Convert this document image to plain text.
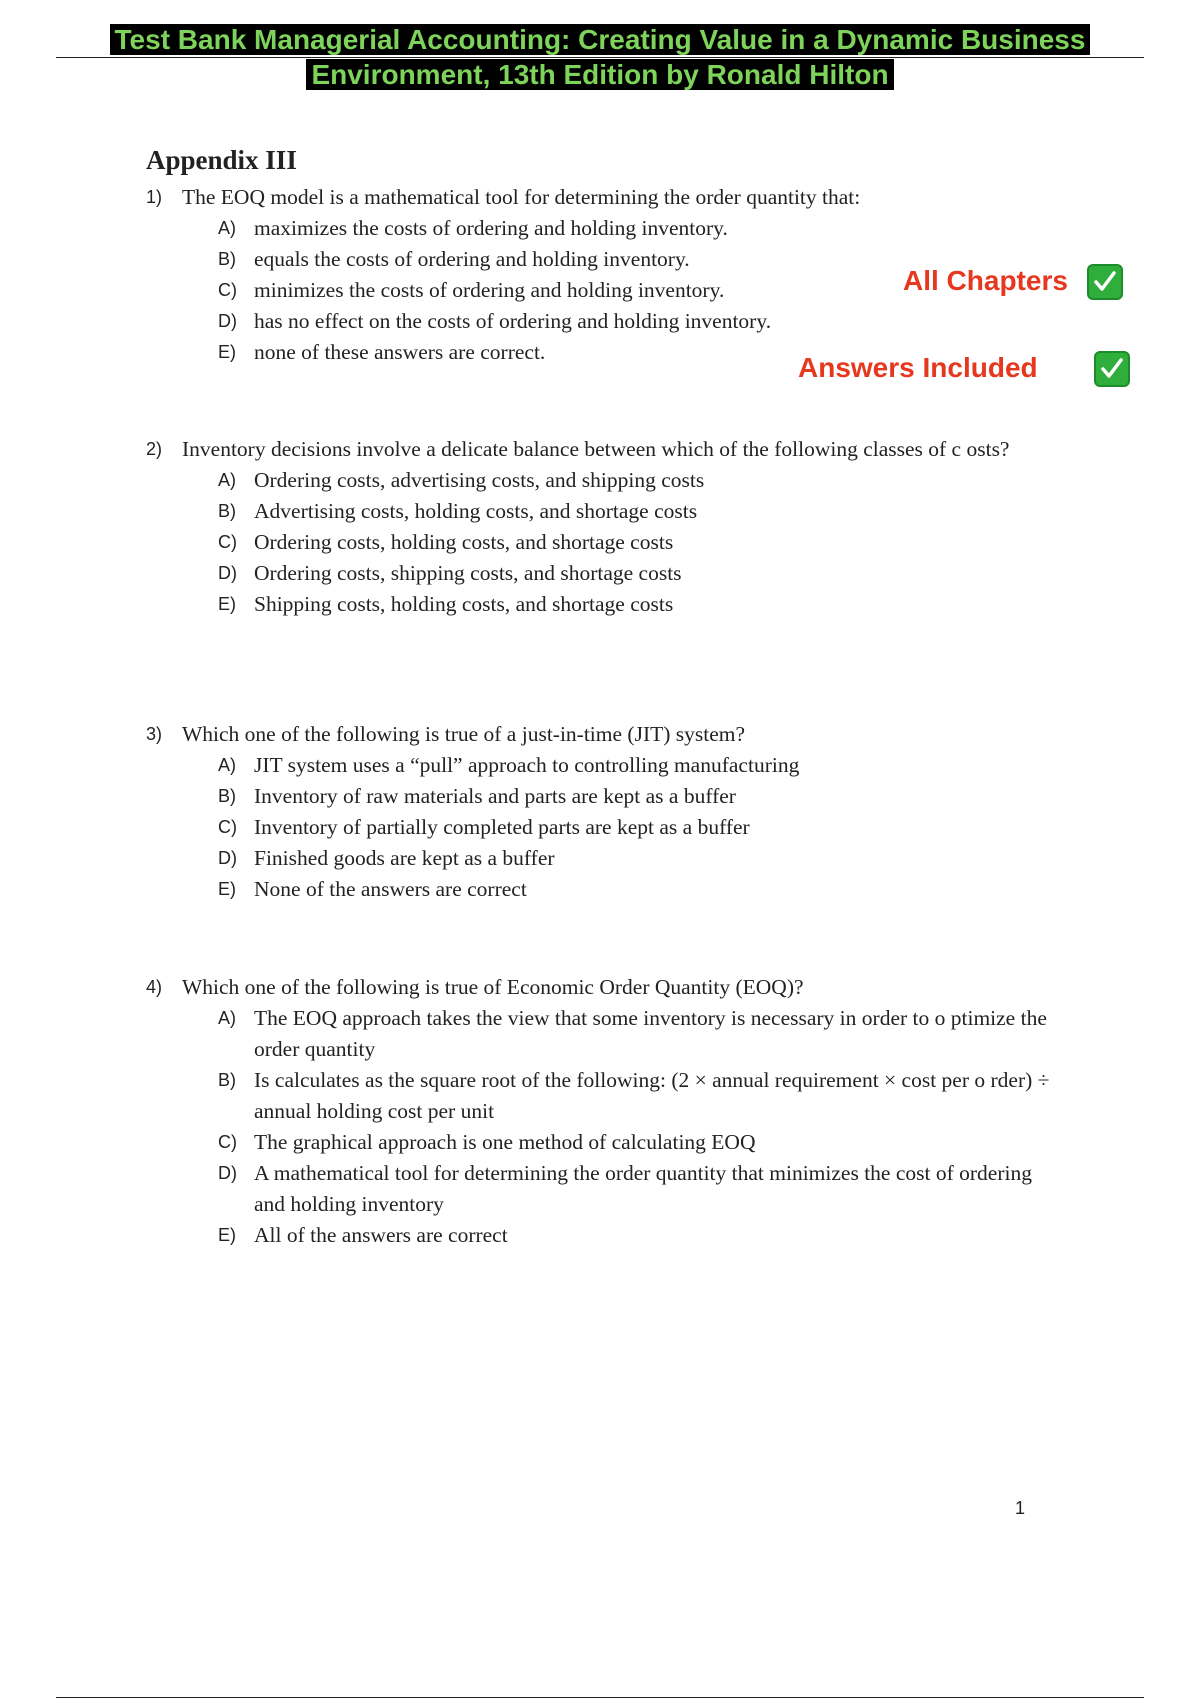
Test Bank Managerial Accounting: Creating Value in a Dynamic Business
Environment, 13th Edition by Ronald Hilton
Appendix III
All Chapters
Answers Included
1) The EOQ model is a mathematical tool for determining the order quantity that:
A) maximizes the costs of ordering and holding inventory.
B) equals the costs of ordering and holding inventory.
C) minimizes the costs of ordering and holding inventory.
D) has no effect on the costs of ordering and holding inventory.
E) none of these answers are correct.
2) Inventory decisions involve a delicate balance between which of the following classes of c osts?
A) Ordering costs, advertising costs, and shipping costs
B) Advertising costs, holding costs, and shortage costs
C) Ordering costs, holding costs, and shortage costs
D) Ordering costs, shipping costs, and shortage costs
E) Shipping costs, holding costs, and shortage costs
3) Which one of the following is true of a just-in-time (JIT) system?
A) JIT system uses a “pull” approach to controlling manufacturing
B) Inventory of raw materials and parts are kept as a buffer
C) Inventory of partially completed parts are kept as a buffer
D) Finished goods are kept as a buffer
E) None of the answers are correct
4) Which one of the following is true of Economic Order Quantity (EOQ)?
A) The EOQ approach takes the view that some inventory is necessary in order to o ptimize the order quantity
B) Is calculates as the square root of the following: (2 × annual requirement × cost per o rder) ÷ annual holding cost per unit
C) The graphical approach is one method of calculating EOQ
D) A mathematical tool for determining the order quantity that minimizes the cost of ordering and holding inventory
E) All of the answers are correct
1
